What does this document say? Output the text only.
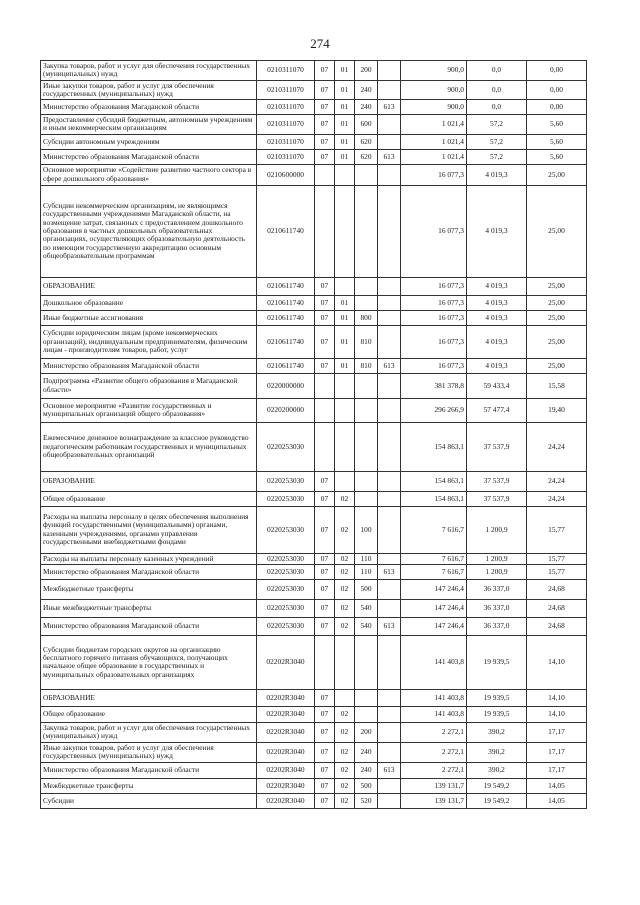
274
Закупка товаров, работ и услуг для обеспечения государственных (муниципальных) нужд	0210311070	07	01	200		900,0	0,0	0,00
Иные закупки товаров, работ и услуг для обеспечения государственных (муниципальных) нужд	0210311070	07	01	240		900,0	0,0	0,00
Министерство образования Магаданской области	0210311070	07	01	240	613	900,0	0,0	0,00
Предоставление субсидий бюджетным, автономным учреждениям и иным некоммерческим организациям	0210311070	07	01	600		1 021,4	57,2	5,60
Субсидии автономным учреждениям	0210311070	07	01	620		1 021,4	57,2	5,60
Министерство образования Магаданской области	0210311070	07	01	620	613	1 021,4	57,2	5,60
Основное мероприятие «Содействие развитию частного сектора в сфере дошкольного образования»	0210600000					16 077,3	4 019,3	25,00
Субсидии некоммерческим организациям, не являющимся государственными учреждениями Магаданской области, на возмещение затрат, связанных с предоставлением дошкольного образования в частных дошкольных образовательных организациях, осуществляющих образовательную деятельность по имеющим государственную аккредитацию основным общеобразовательным программам	0210611740					16 077,3	4 019,3	25,00
ОБРАЗОВАНИЕ	0210611740	07				16 077,3	4 019,3	25,00
Дошкольное образование	0210611740	07	01			16 077,3	4 019,3	25,00
Иные бюджетные ассигнования	0210611740	07	01	800		16 077,3	4 019,3	25,00
Субсидии юридическим лицам (кроме некоммерческих организаций), индивидуальным предпринимателям, физическим лицам - производителям товаров, работ, услуг	0210611740	07	01	810		16 077,3	4 019,3	25,00
Министерство образования Магаданской области	0210611740	07	01	810	613	16 077,3	4 019,3	25,00
Подпрограмма «Развитие общего образования в Магаданской области»	0220000000					381 378,8	59 433,4	15,58
Основное мероприятие «Развитие государственных и муниципальных организаций общего образования»	0220200000					296 266,9	57 477,4	19,40
Ежемесячное денежное вознаграждение за классное руководство педагогическим работникам государственных и муниципальных общеобразовательных организаций	0220253030					154 863,1	37 537,9	24,24
ОБРАЗОВАНИЕ	0220253030	07				154 863,1	37 537,9	24,24
Общее образование	0220253030	07	02			154 863,1	37 537,9	24,24
Расходы на выплаты персоналу в целях обеспечения выполнения функций государственными (муниципальными) органами, казенными учреждениями, органами управления государственными внебюджетными фондами	0220253030	07	02	100		7 616,7	1 200,9	15,77
Расходы на выплаты персоналу казенных учреждений	0220253030	07	02	110		7 616,7	1 200,9	15,77
Министерство образования Магаданской области	0220253030	07	02	110	613	7 616,7	1 200,9	15,77
Межбюджетные трансферты	0220253030	07	02	500		147 246,4	36 337,0	24,68
Иные межбюджетные трансферты	0220253030	07	02	540		147 246,4	36 337,0	24,68
Министерство образования Магаданской области	0220253030	07	02	540	613	147 246,4	36 337,0	24,68
Субсидии бюджетам городских округов на организацию бесплатного горячего питания обучающихся, получающих начальное общее образование в государственных и муниципальных образовательных организациях	02202R3040					141 403,8	19 939,5	14,10
ОБРАЗОВАНИЕ	02202R3040	07				141 403,8	19 939,5	14,10
Общее образование	02202R3040	07	02			141 403,8	19 939,5	14,10
Закупка товаров, работ и услуг для обеспечения государственных (муниципальных) нужд	02202R3040	07	02	200		2 272,1	390,2	17,17
Иные закупки товаров, работ и услуг для обеспечения государственных (муниципальных) нужд	02202R3040	07	02	240		2 272,1	390,2	17,17
Министерство образования Магаданской области	02202R3040	07	02	240	613	2 272,1	390,2	17,17
Межбюджетные трансферты	02202R3040	07	02	500		139 131,7	19 549,2	14,05
Субсидии	02202R3040	07	02	520		139 131,7	19 549,2	14,05
